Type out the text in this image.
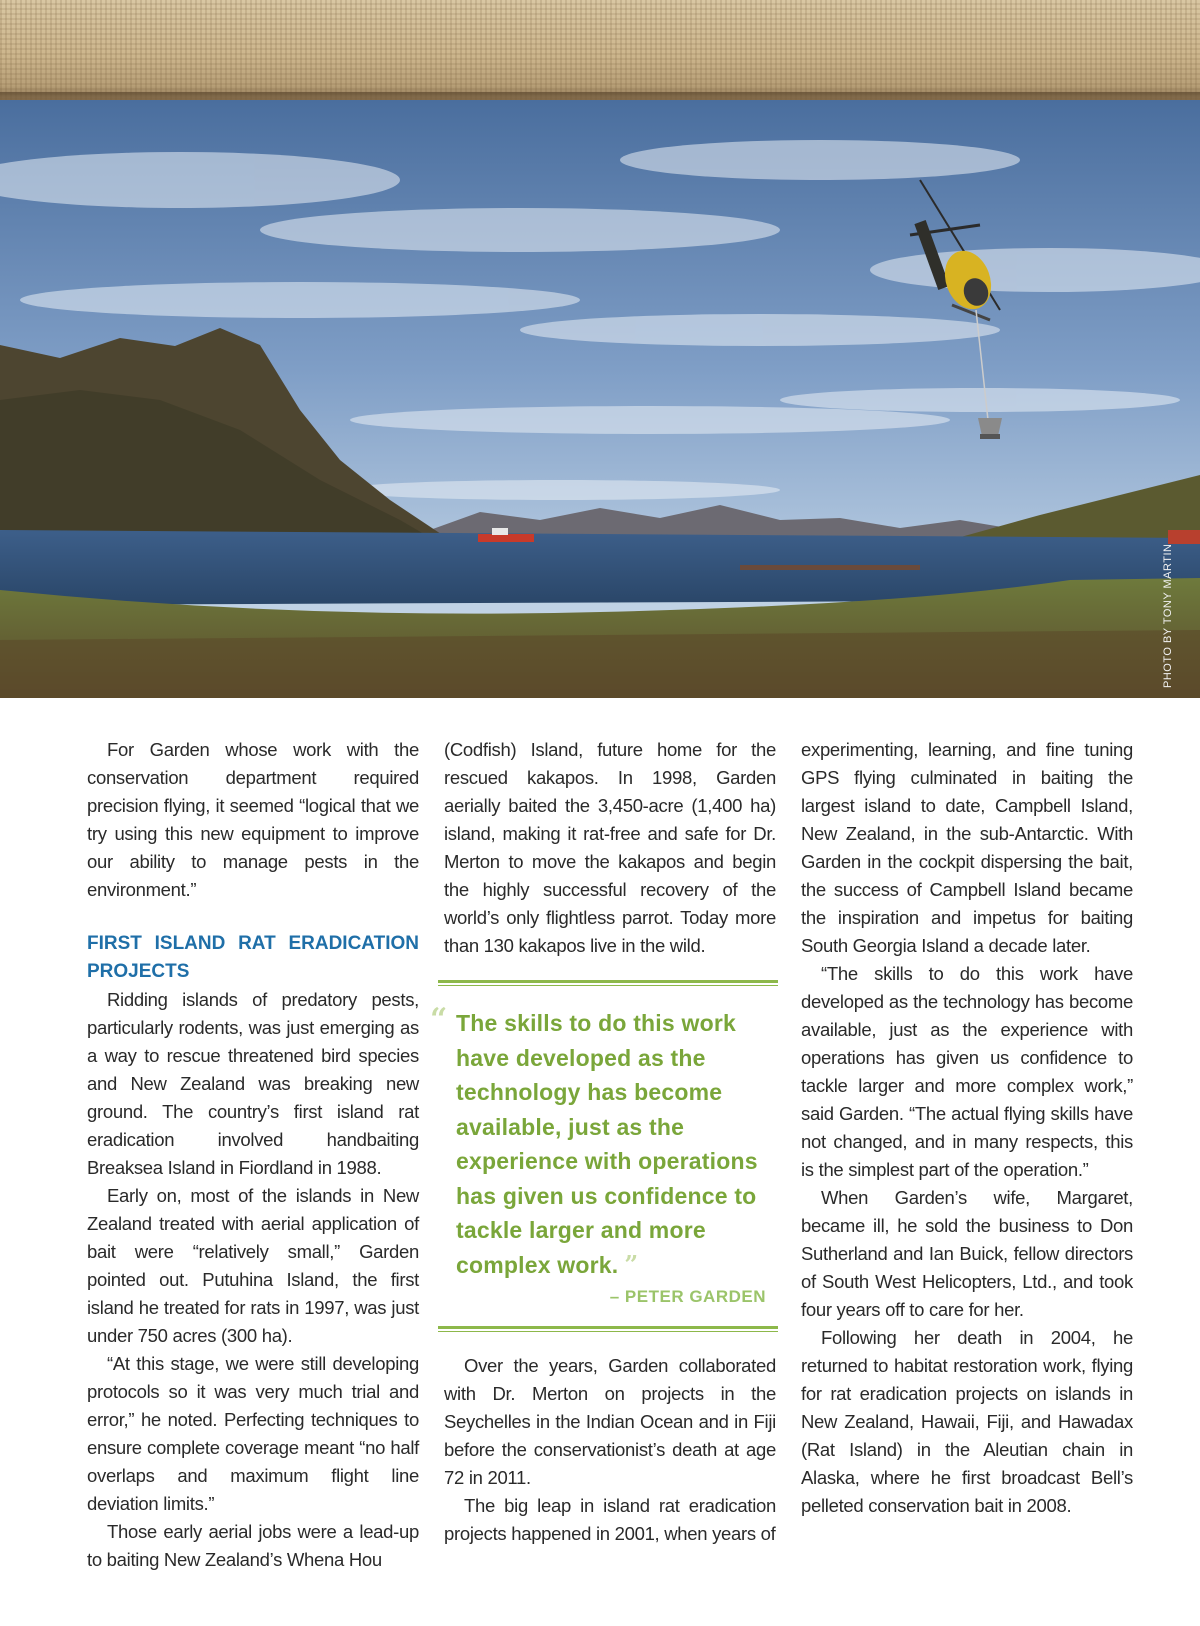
PHOTO BY TONY MARTIN

For Garden whose work with the conservation department required precision flying, it seemed “logical that we try using this new equipment to improve our ability to manage pests in the environment.”

FIRST ISLAND RAT ERADICATION PROJECTS

Ridding islands of predatory pests, particularly rodents, was just emerging as a way to rescue threatened bird species and New Zealand was breaking new ground. The country’s first island rat eradication involved handbaiting Breaksea Island in Fiordland in 1988.

Early on, most of the islands in New Zealand treated with aerial application of bait were “relatively small,” Garden pointed out. Putuhina Island, the first island he treated for rats in 1997, was just under 750 acres (300 ha).

“At this stage, we were still developing protocols so it was very much trial and error,” he noted. Perfecting techniques to ensure complete coverage meant “no half overlaps and maximum flight line deviation limits.”

Those early aerial jobs were a lead-up to baiting New Zealand’s Whena Hou

(Codfish) Island, future home for the rescued kakapos. In 1998, Garden aerially baited the 3,450-acre (1,400 ha) island, making it rat-free and safe for Dr. Merton to move the kakapos and begin the highly successful recovery of the world’s only flightless parrot. Today more than 130 kakapos live in the wild.

“ The skills to do this work have developed as the technology has become available, just as the experience with operations has given us confidence to tackle larger and more complex work. ”
– PETER GARDEN

Over the years, Garden collaborated with Dr. Merton on projects in the Seychelles in the Indian Ocean and in Fiji before the conservationist’s death at age 72 in 2011.

The big leap in island rat eradication projects happened in 2001, when years of

experimenting, learning, and fine tuning GPS flying culminated in baiting the largest island to date, Campbell Island, New Zealand, in the sub-Antarctic. With Garden in the cockpit dispersing the bait, the success of Campbell Island became the inspiration and impetus for baiting South Georgia Island a decade later.

“The skills to do this work have developed as the technology has become available, just as the experience with operations has given us confidence to tackle larger and more complex work,” said Garden. “The actual flying skills have not changed, and in many respects, this is the simplest part of the operation.”

When Garden’s wife, Margaret, became ill, he sold the business to Don Sutherland and Ian Buick, fellow directors of South West Helicopters, Ltd., and took four years off to care for her.

Following her death in 2004, he returned to habitat restoration work, flying for rat eradication projects on islands in New Zealand, Hawaii, Fiji, and Hawadax (Rat Island) in the Aleutian chain in Alaska, where he first broadcast Bell’s pelleted conservation bait in 2008.
